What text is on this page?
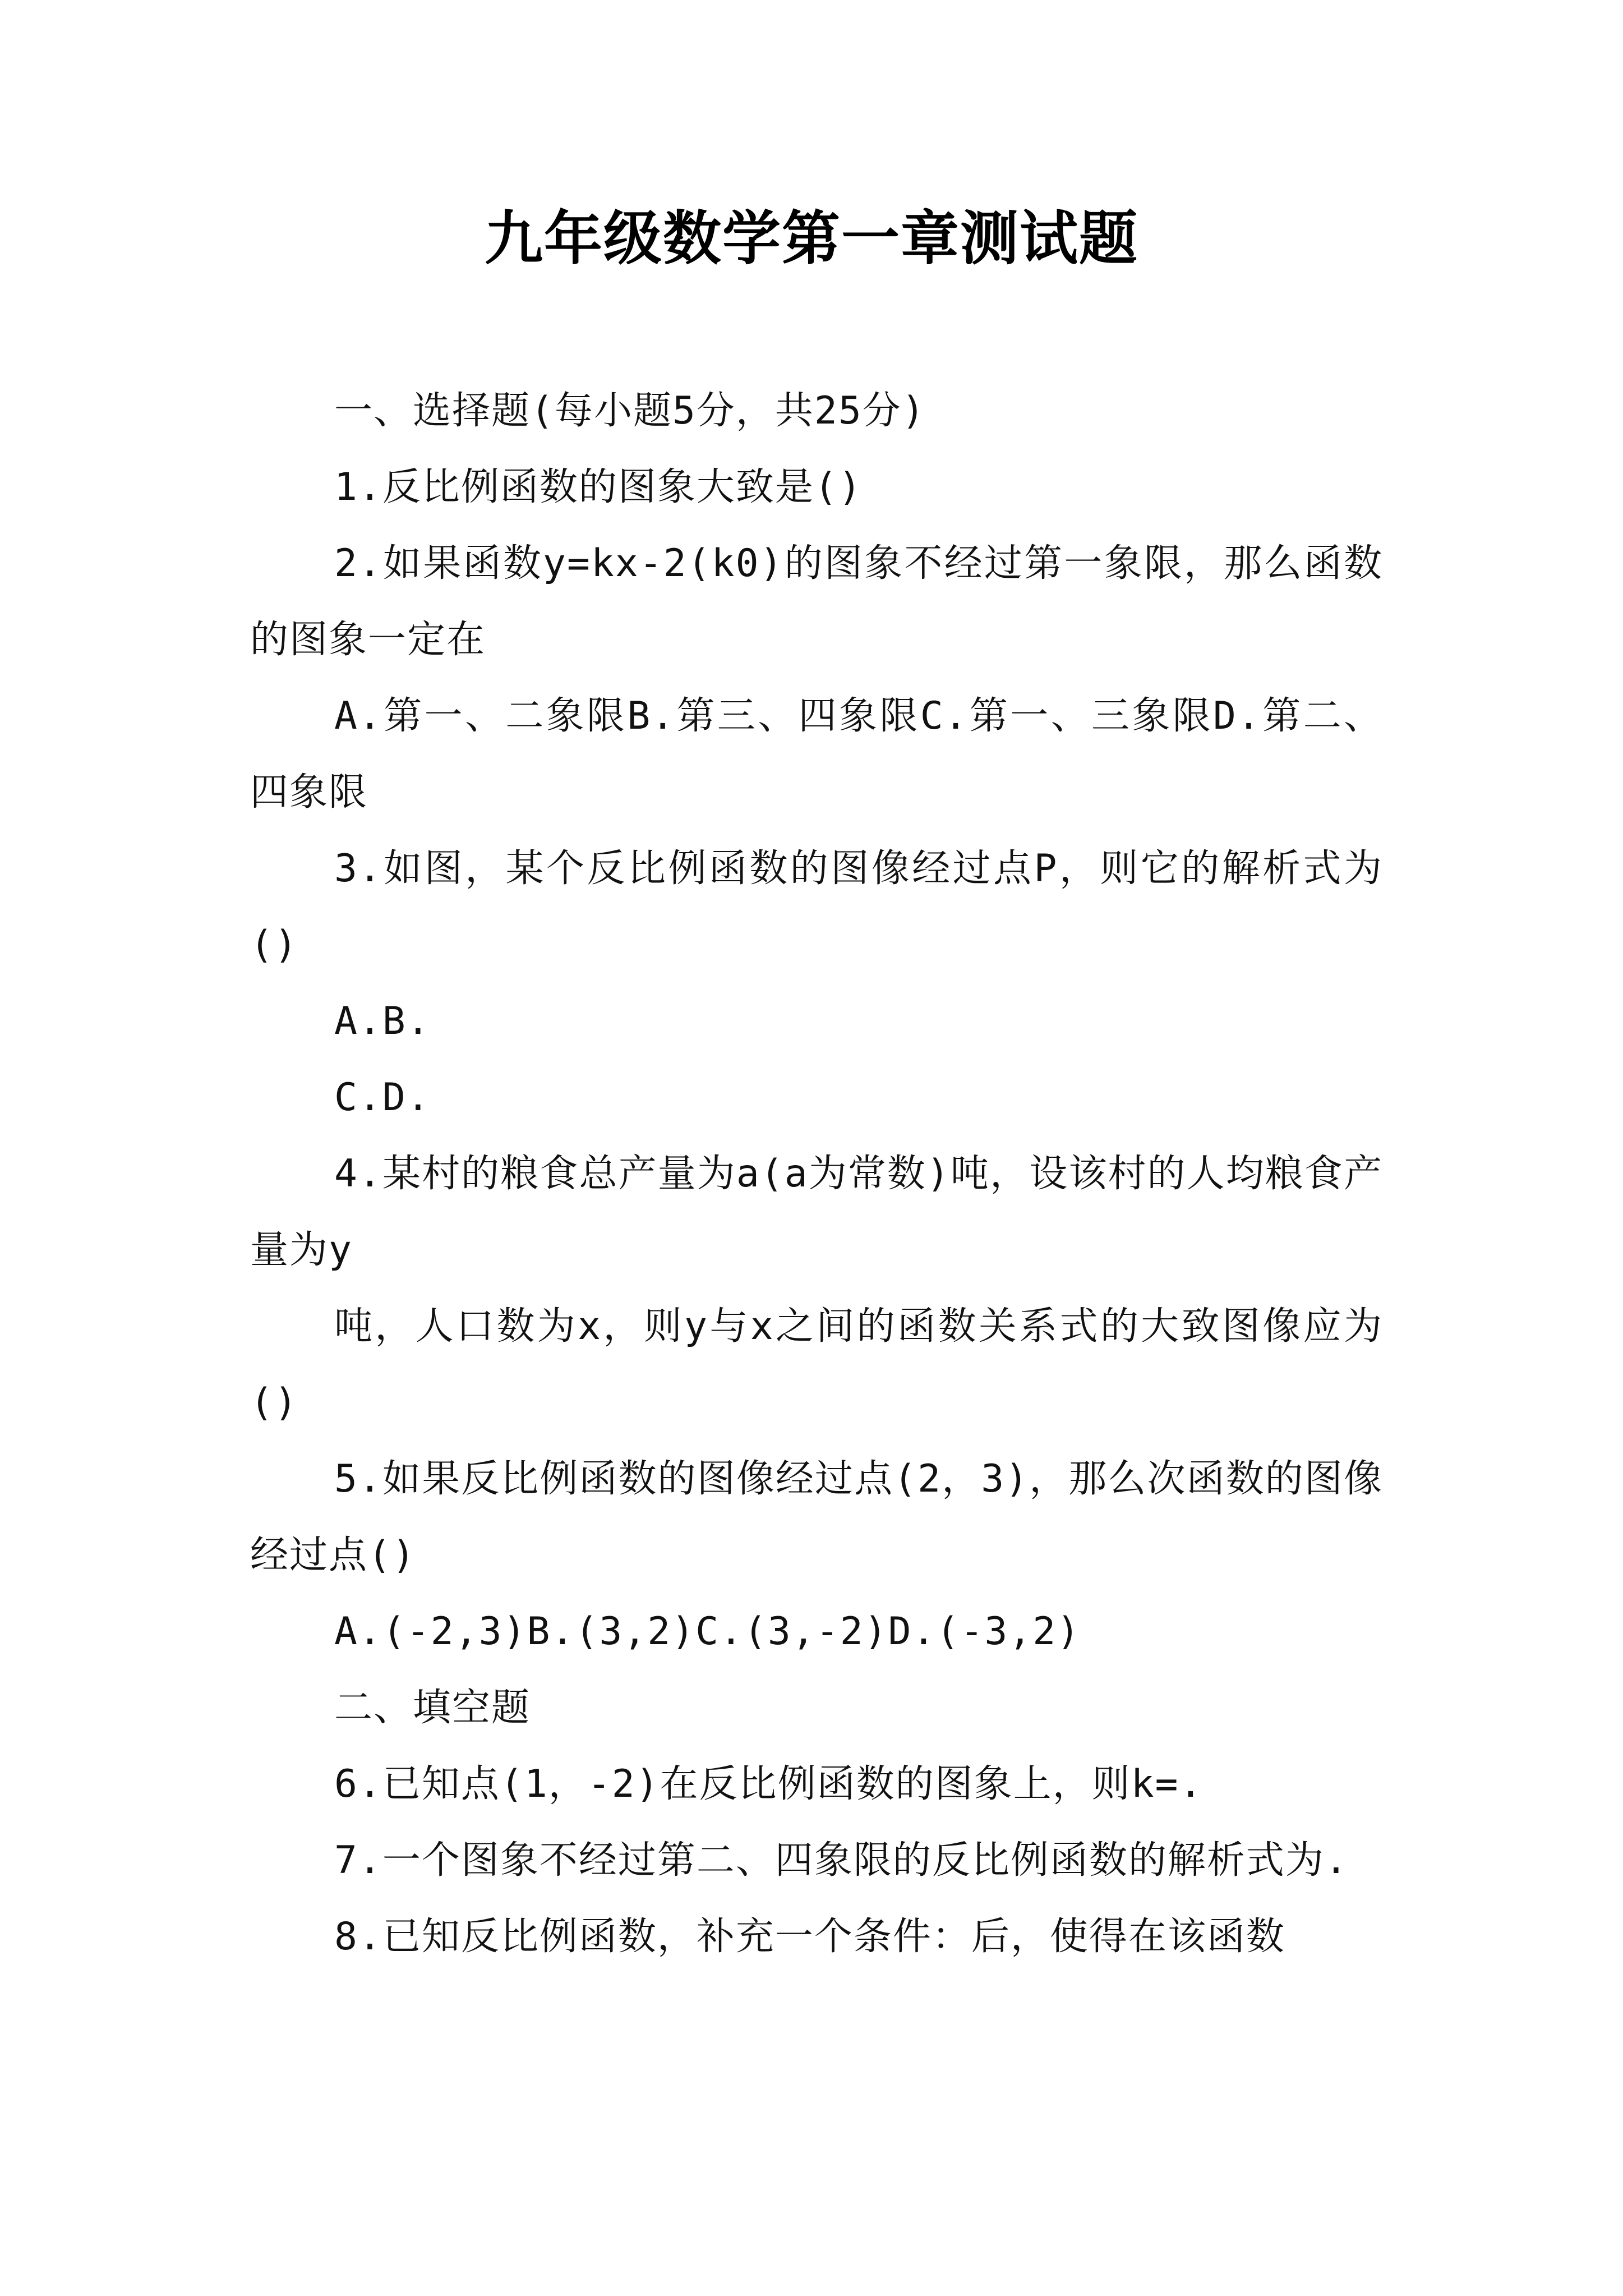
九年级数学第一章测试题

一、选择题(每小题5分，共25分)

1.反比例函数的图象大致是()

2.如果函数y=kx-2(k0)的图象不经过第一象限，那么函数的图象一定在

A.第一、二象限B.第三、四象限C.第一、三象限D.第二、四象限

3.如图，某个反比例函数的图像经过点P，则它的解析式为()

A.B.

C.D.

4.某村的粮食总产量为a(a为常数)吨，设该村的人均粮食产量为y

吨，人口数为x，则y与x之间的函数关系式的大致图像应为()

5.如果反比例函数的图像经过点(2，3)，那么次函数的图像经过点()

A.(-2,3)B.(3,2)C.(3,-2)D.(-3,2)

二、填空题

6.已知点(1，-2)在反比例函数的图象上，则k=.

7.一个图象不经过第二、四象限的反比例函数的解析式为.

8.已知反比例函数，补充一个条件：后，使得在该函数
